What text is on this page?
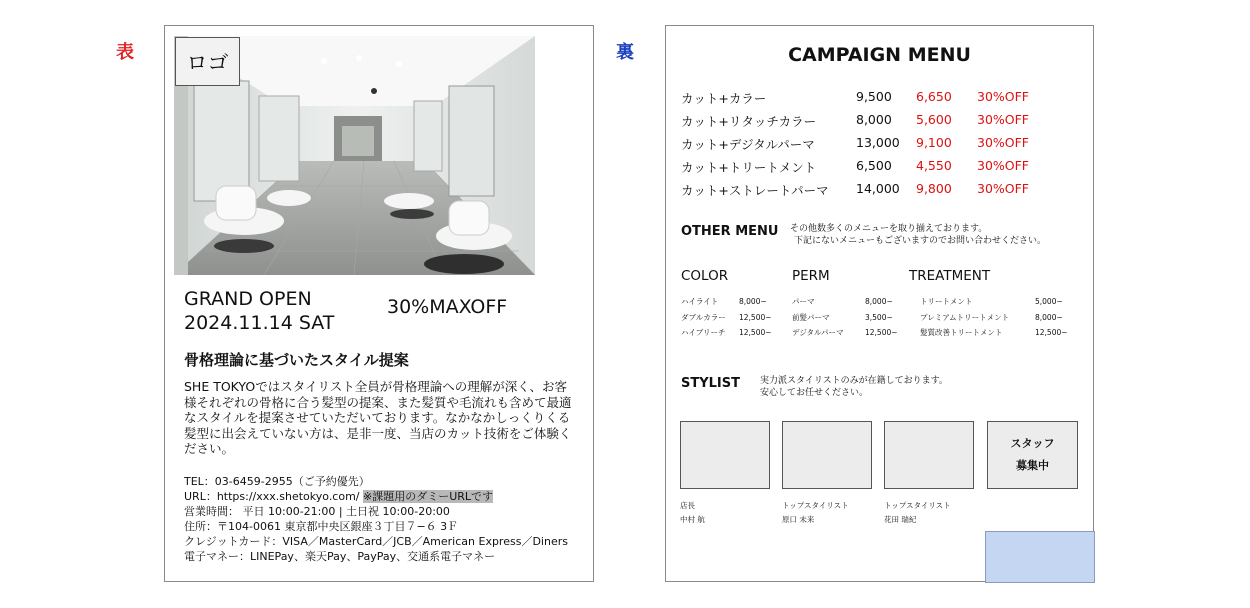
表	裏
ロゴ
GRAND OPEN
2024.11.14 SAT
30%MAXOFF
骨格理論に基づいたスタイル提案
SHE TOKYOではスタイリスト全員が骨格理論への理解が深く、お客様それぞれの骨格に合う髪型の提案、また髪質や毛流れも含めて最適なスタイルを提案させていただいております。なかなかしっくりくる髪型に出会えていない方は、是非一度、当店のカット技術をご体験ください。
TEL：03-6459-2955（ご予約優先）
URL：https://xxx.shetokyo.com/ ※課題用のダミーURLです
営業時間： 平日 10:00-21:00 | 土日祝 10:00-20:00
住所：〒104-0061 東京都中央区銀座３丁目７−６ 3Ｆ
クレジットカード：VISA／MasterCard／JCB／American Express／Diners
電子マネー：LINEPay、楽天Pay、PayPay、交通系電子マネー
CAMPAIGN MENU
カット+カラー	9,500 6,650 30%OFF
カット+リタッチカラー	8,000 5,600 30%OFF
カット+デジタルパーマ	13,000 9,100 30%OFF
カット+トリートメント	6,500 4,550 30%OFF
カット+ストレートパーマ 14,000 9,800 30%OFF
OTHER MENU その他数多くのメニューを取り揃えております。
下記にないメニューもございますのでお問い合わせください。
COLOR
ハイライト	8,000~
ダブルカラー 12,500~
ハイブリーチ 12,500~
PERM
パーマ	8,000~
前髪パーマ	3,500~
デジタルパーマ	12,500~
TREATMENT
トリートメント	5,000~
プレミアムトリートメント	8,000~
髪質改善トリートメント	12,500~
STYLIST 実力派スタイリストのみが在籍しております。
安心してお任せください。
スタッフ
募集中
店長
中村 航
トップスタイリスト
原口 未来
トップスタイリスト
花田 瑞紀
